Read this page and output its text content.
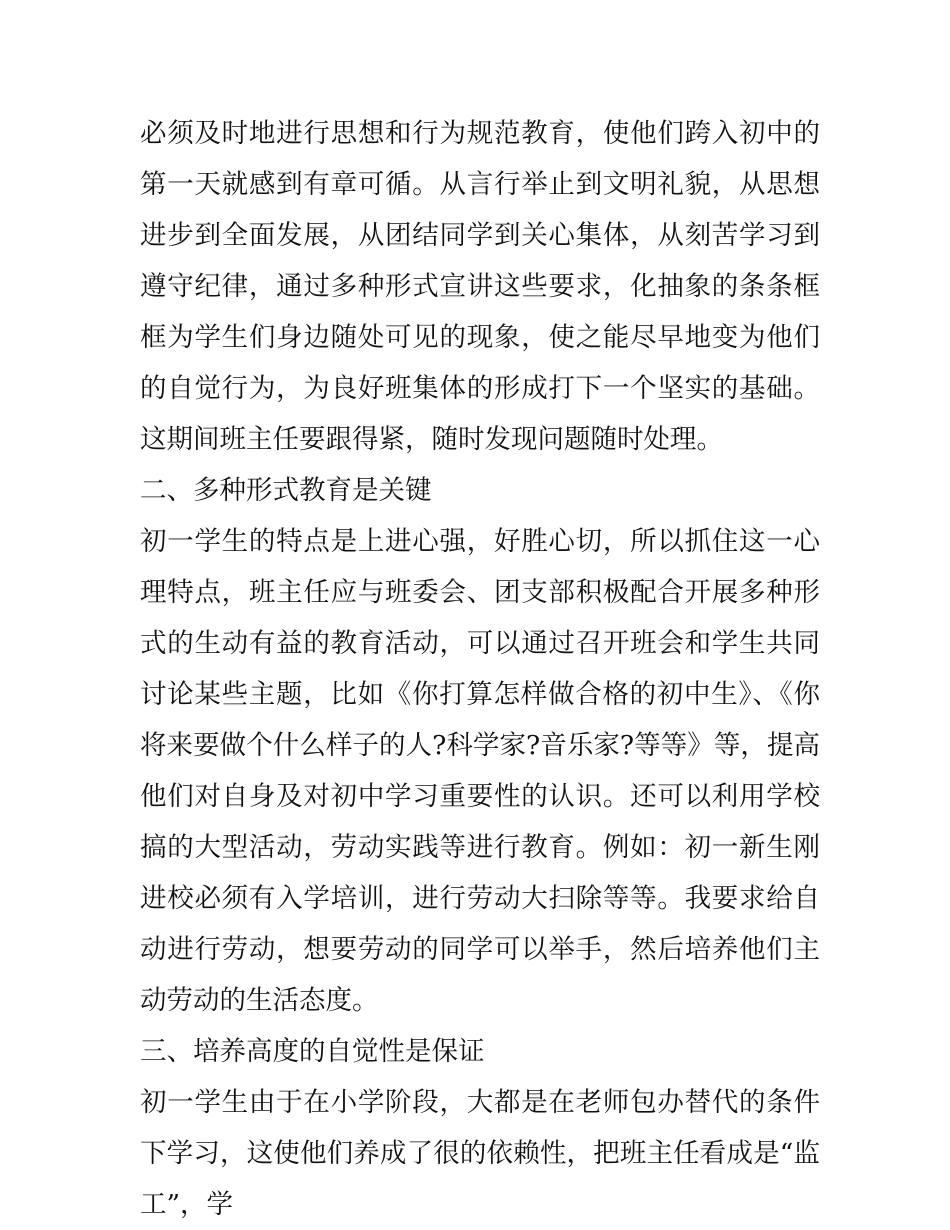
必须及时地进行思想和行为规范教育，使他们跨入初中的第一天就感到有章可循。从言行举止到文明礼貌，从思想进步到全面发展，从团结同学到关心集体，从刻苦学习到遵守纪律，通过多种形式宣讲这些要求，化抽象的条条框框为学生们身边随处可见的现象，使之能尽早地变为他们的自觉行为，为良好班集体的形成打下一个坚实的基础。这期间班主任要跟得紧，随时发现问题随时处理。

二、多种形式教育是关键

初一学生的特点是上进心强，好胜心切，所以抓住这一心理特点，班主任应与班委会、团支部积极配合开展多种形式的生动有益的教育活动，可以通过召开班会和学生共同讨论某些主题，比如《你打算怎样做合格的初中生》、《你将来要做个什么样子的人?科学家?音乐家?等等》等，提高他们对自身及对初中学习重要性的认识。还可以利用学校搞的大型活动，劳动实践等进行教育。例如：初一新生刚进校必须有入学培训，进行劳动大扫除等等。我要求给自动进行劳动，想要劳动的同学可以举手，然后培养他们主动劳动的生活态度。

三、培养高度的自觉性是保证

初一学生由于在小学阶段，大都是在老师包办替代的条件下学习，这使他们养成了很的依赖性，把班主任看成是“监工”，学
